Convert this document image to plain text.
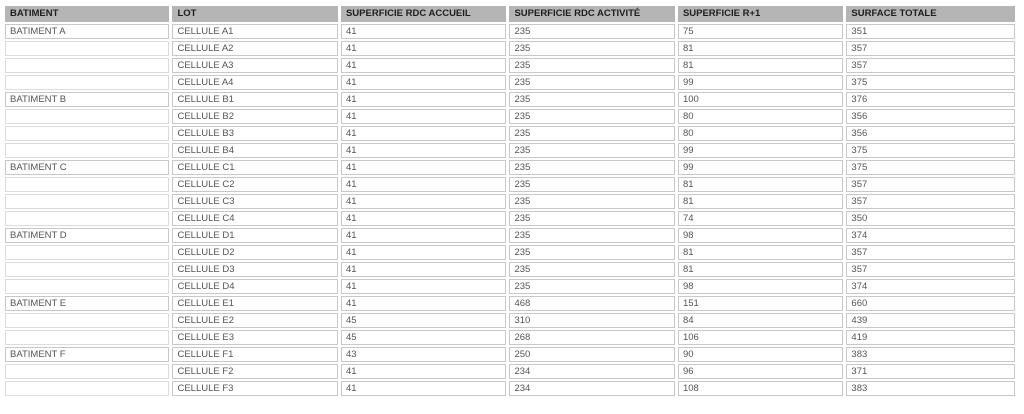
BATIMENT	LOT	SUPERFICIE RDC ACCUEIL	SUPERFICIE RDC ACTIVITÉ	SUPERFICIE R+1	SURFACE TOTALE
BATIMENT A	CELLULE A1	41	235	75	351
	CELLULE A2	41	235	81	357
	CELLULE A3	41	235	81	357
	CELLULE A4	41	235	99	375
BATIMENT B	CELLULE B1	41	235	100	376
	CELLULE B2	41	235	80	356
	CELLULE B3	41	235	80	356
	CELLULE B4	41	235	99	375
BATIMENT C	CELLULE C1	41	235	99	375
	CELLULE C2	41	235	81	357
	CELLULE C3	41	235	81	357
	CELLULE C4	41	235	74	350
BATIMENT D	CELLULE D1	41	235	98	374
	CELLULE D2	41	235	81	357
	CELLULE D3	41	235	81	357
	CELLULE D4	41	235	98	374
BATIMENT E	CELLULE E1	41	468	151	660
	CELLULE E2	45	310	84	439
	CELLULE E3	45	268	106	419
BATIMENT F	CELLULE F1	43	250	90	383
	CELLULE F2	41	234	96	371
	CELLULE F3	41	234	108	383
